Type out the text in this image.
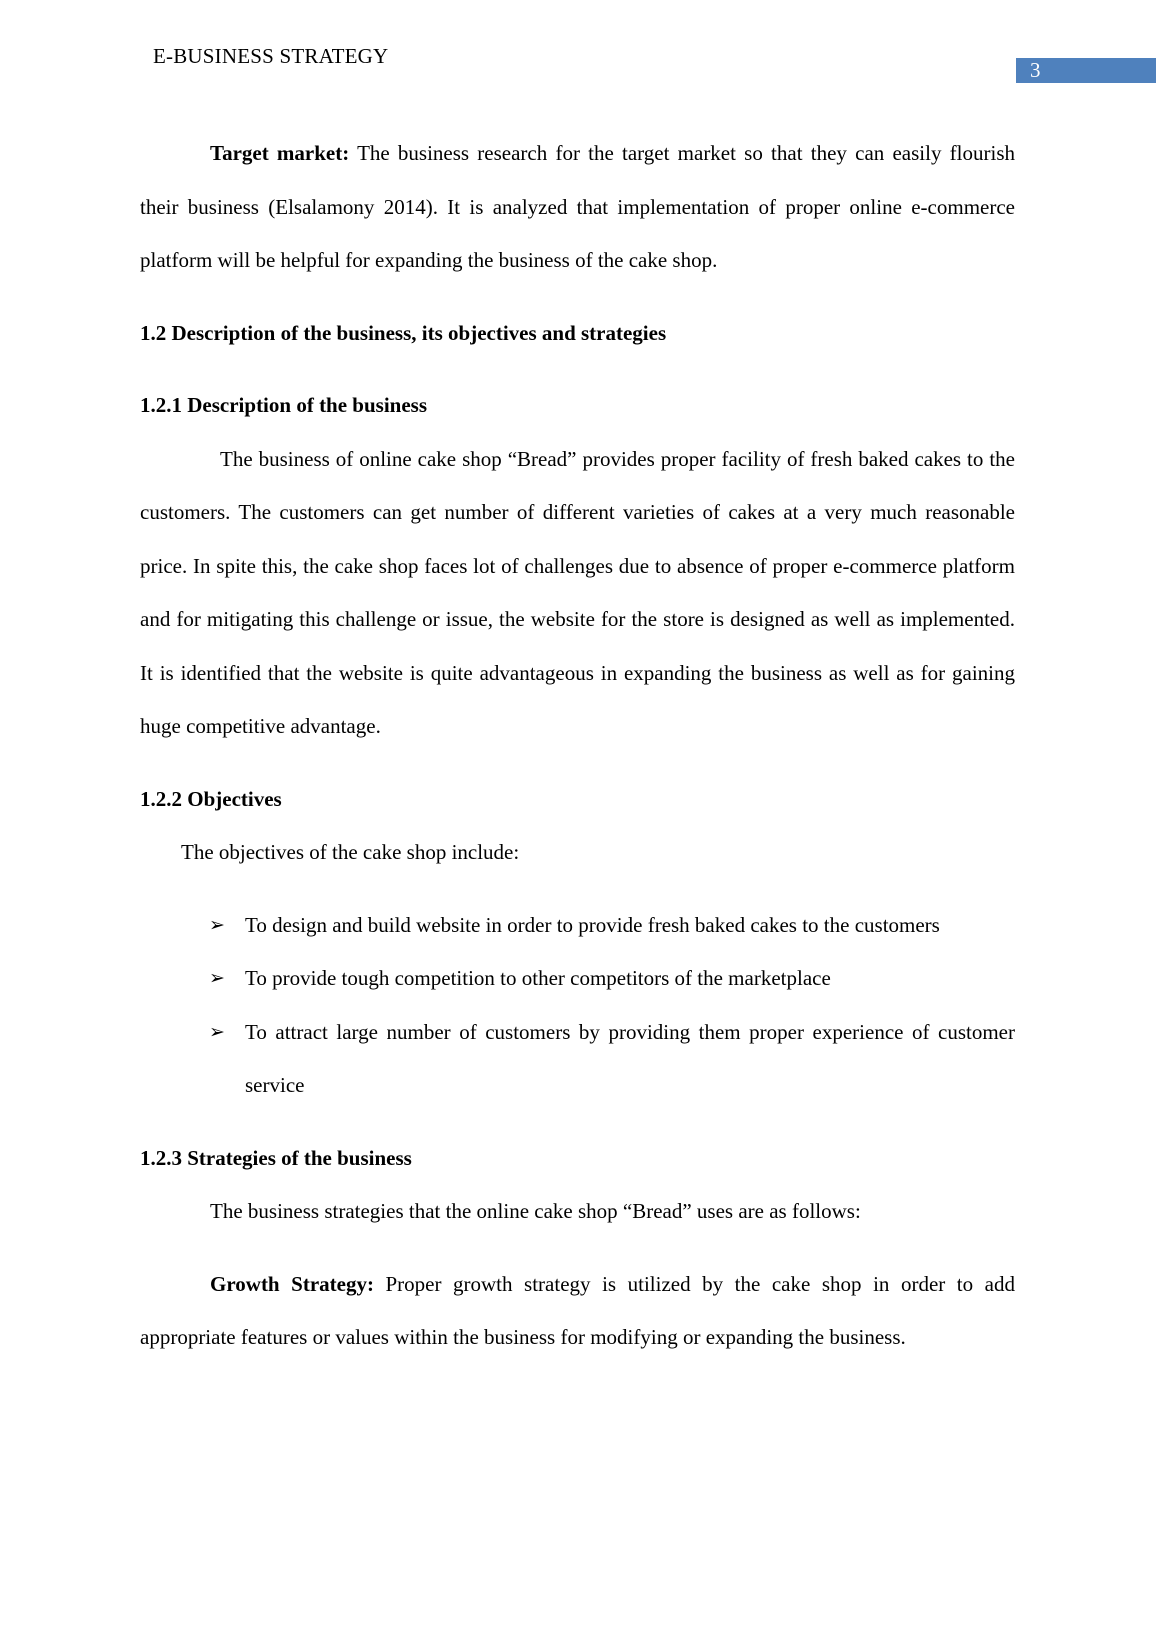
E-BUSINESS STRATEGY
3

Target market: The business research for the target market so that they can easily flourish their business (Elsalamony 2014). It is analyzed that implementation of proper online e-commerce platform will be helpful for expanding the business of the cake shop.

1.2 Description of the business, its objectives and strategies

1.2.1 Description of the business

The business of online cake shop “Bread” provides proper facility of fresh baked cakes to the customers. The customers can get number of different varieties of cakes at a very much reasonable price. In spite this, the cake shop faces lot of challenges due to absence of proper e-commerce platform and for mitigating this challenge or issue, the website for the store is designed as well as implemented. It is identified that the website is quite advantageous in expanding the business as well as for gaining huge competitive advantage.

1.2.2 Objectives

The objectives of the cake shop include:

➢ To design and build website in order to provide fresh baked cakes to the customers
➢ To provide tough competition to other competitors of the marketplace
➢ To attract large number of customers by providing them proper experience of customer service

1.2.3 Strategies of the business

The business strategies that the online cake shop “Bread” uses are as follows:

Growth Strategy: Proper growth strategy is utilized by the cake shop in order to add appropriate features or values within the business for modifying or expanding the business.
